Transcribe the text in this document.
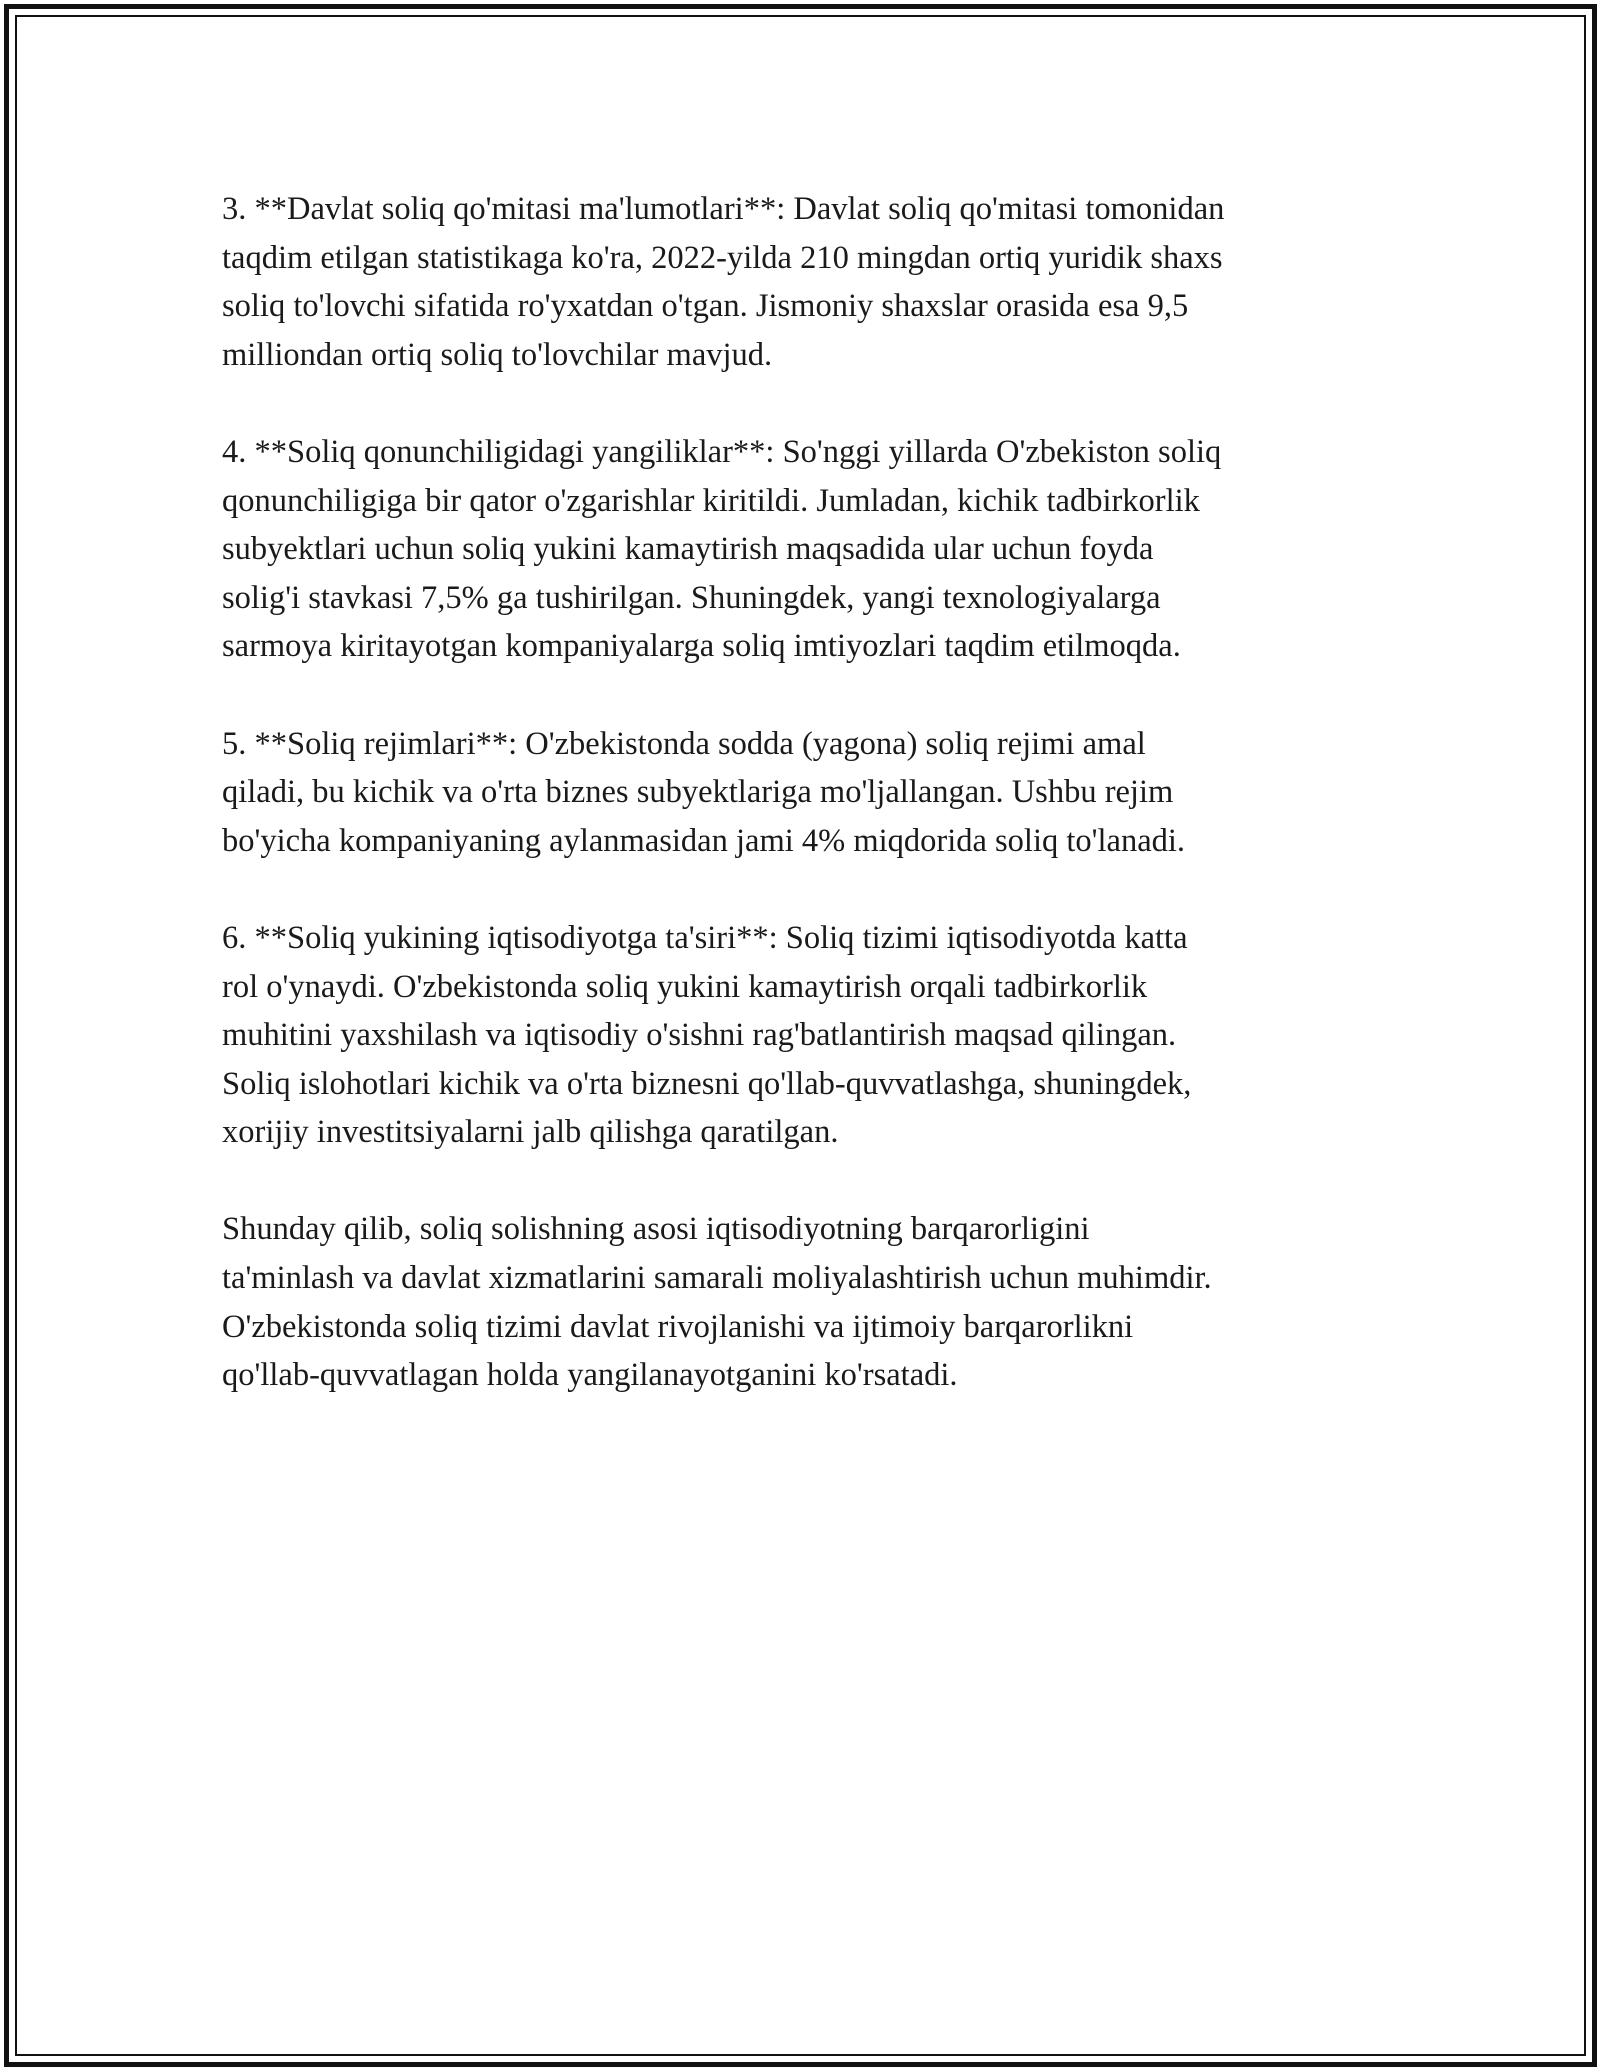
3. **Davlat soliq qo'mitasi ma'lumotlari**: Davlat soliq qo'mitasi tomonidan
taqdim etilgan statistikaga ko'ra, 2022-yilda 210 mingdan ortiq yuridik shaxs
soliq to'lovchi sifatida ro'yxatdan o'tgan. Jismoniy shaxslar orasida esa 9,5
milliondan ortiq soliq to'lovchilar mavjud.

4. **Soliq qonunchiligidagi yangiliklar**: So'nggi yillarda O'zbekiston soliq
qonunchiligiga bir qator o'zgarishlar kiritildi. Jumladan, kichik tadbirkorlik
subyektlari uchun soliq yukini kamaytirish maqsadida ular uchun foyda
solig'i stavkasi 7,5% ga tushirilgan. Shuningdek, yangi texnologiyalarga
sarmoya kiritayotgan kompaniyalarga soliq imtiyozlari taqdim etilmoqda.

5. **Soliq rejimlari**: O'zbekistonda sodda (yagona) soliq rejimi amal
qiladi, bu kichik va o'rta biznes subyektlariga mo'ljallangan. Ushbu rejim
bo'yicha kompaniyaning aylanmasidan jami 4% miqdorida soliq to'lanadi.

6. **Soliq yukining iqtisodiyotga ta'siri**: Soliq tizimi iqtisodiyotda katta
rol o'ynaydi. O'zbekistonda soliq yukini kamaytirish orqali tadbirkorlik
muhitini yaxshilash va iqtisodiy o'sishni rag'batlantirish maqsad qilingan.
Soliq islohotlari kichik va o'rta biznesni qo'llab-quvvatlashga, shuningdek,
xorijiy investitsiyalarni jalb qilishga qaratilgan.

Shunday qilib, soliq solishning asosi iqtisodiyotning barqarorligini
ta'minlash va davlat xizmatlarini samarali moliyalashtirish uchun muhimdir.
O'zbekistonda soliq tizimi davlat rivojlanishi va ijtimoiy barqarorlikni
qo'llab-quvvatlagan holda yangilanayotganini ko'rsatadi.
